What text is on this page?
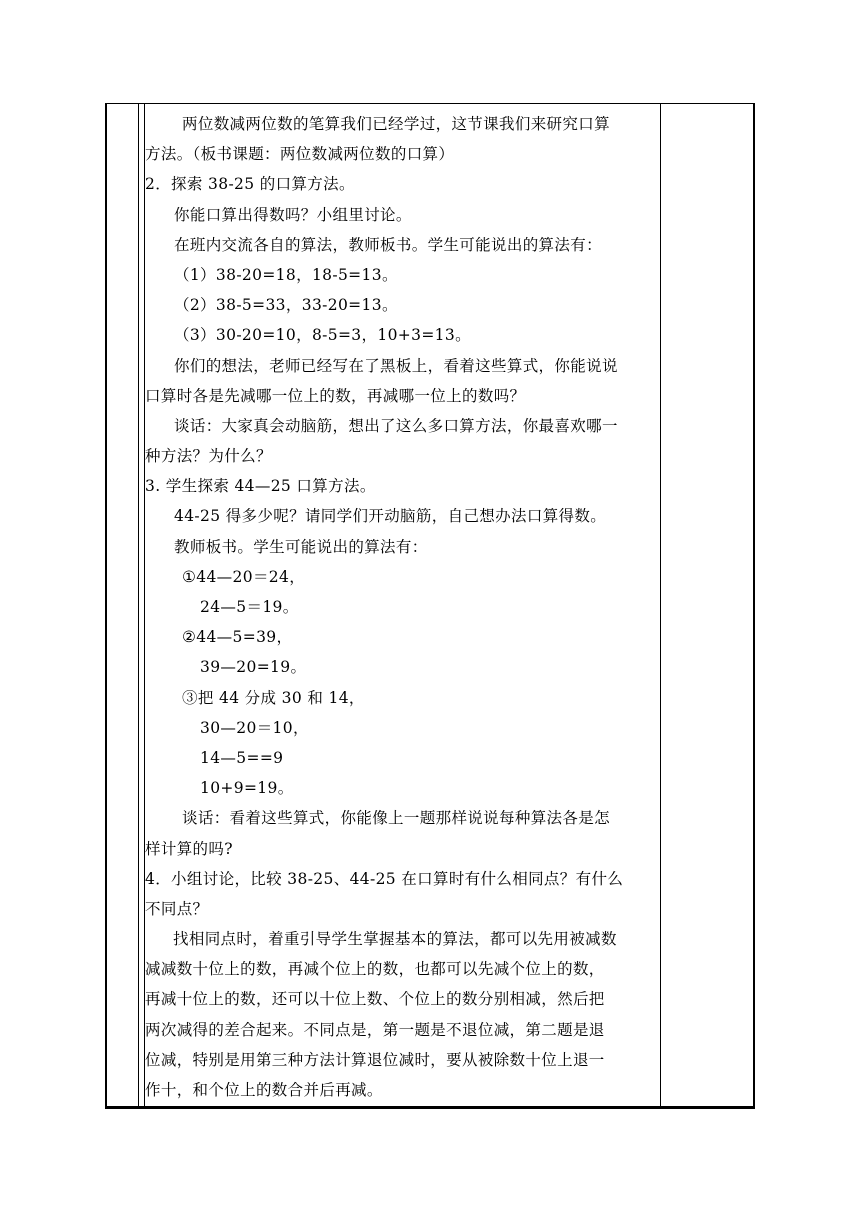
两位数减两位数的笔算我们已经学过，这节课我们来研究口算
方法。（板书课题：两位数减两位数的口算）
2．探索 38-25 的口算方法。
你能口算出得数吗？小组里讨论。
在班内交流各自的算法，教师板书。学生可能说出的算法有：
（1）38-20=18，18-5=13。
（2）38-5=33，33-20=13。
（3）30-20=10，8-5=3，10+3=13。
你们的想法，老师已经写在了黑板上，看着这些算式，你能说说
口算时各是先减哪一位上的数，再减哪一位上的数吗？
谈话：大家真会动脑筋，想出了这么多口算方法，你最喜欢哪一
种方法？为什么？
3. 学生探索 44—25 口算方法。
44-25 得多少呢？请同学们开动脑筋，自己想办法口算得数。
教师板书。学生可能说出的算法有：
①44—20＝24，
24—5＝19。
②44—5=39，
39—20=19。
③把 44 分成 30 和 14，
30—20＝10，
14—5==9
10+9=19。
谈话：看着这些算式，你能像上一题那样说说每种算法各是怎
样计算的吗?
4．小组讨论，比较 38-25、44-25 在口算时有什么相同点？有什么
不同点？
找相同点时，着重引导学生掌握基本的算法，都可以先用被减数
减减数十位上的数，再减个位上的数，也都可以先减个位上的数，
再减十位上的数，还可以十位上数、个位上的数分别相减，然后把
两次减得的差合起来。不同点是，第一题是不退位减，第二题是退
位减，特别是用第三种方法计算退位减时，要从被除数十位上退一
作十，和个位上的数合并后再减。
